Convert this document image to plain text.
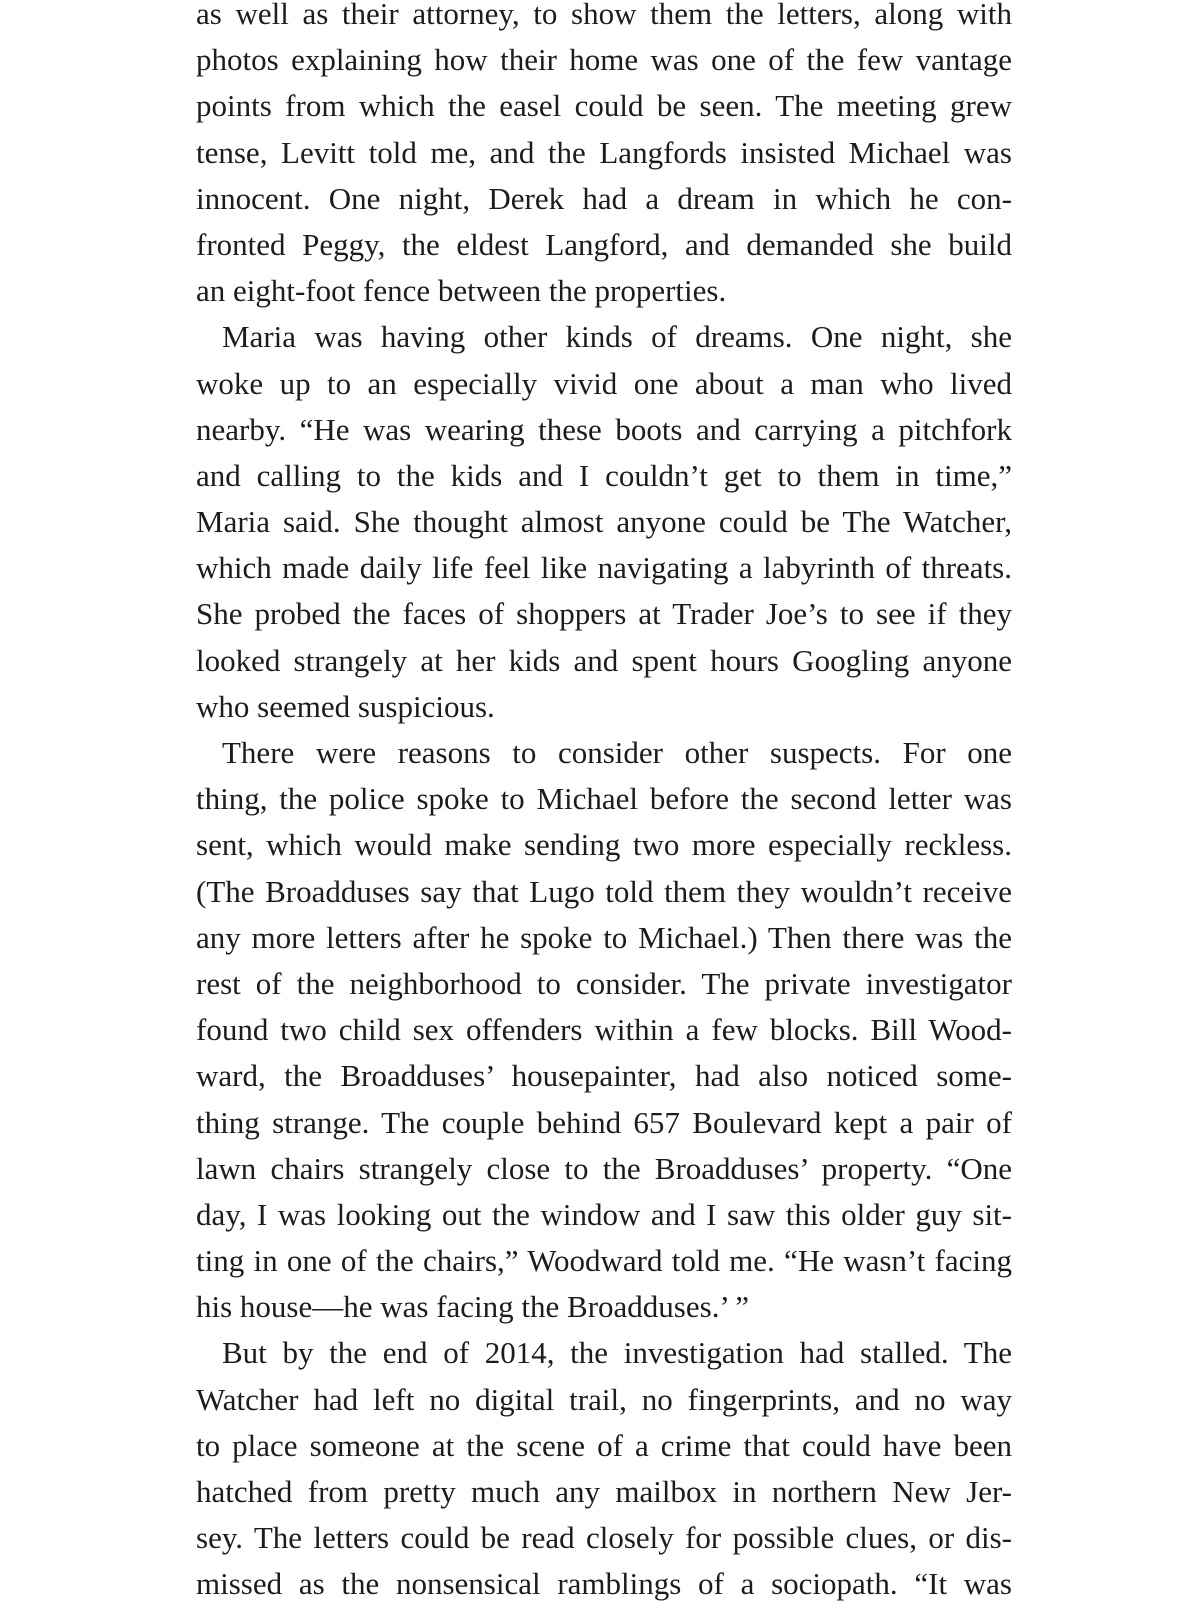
as well as their attorney, to show them the letters, along with
photos explaining how their home was one of the few vantage
points from which the easel could be seen. The meeting grew
tense, Levitt told me, and the Langfords insisted Michael was
innocent. One night, Derek had a dream in which he con-
fronted Peggy, the eldest Langford, and demanded she build
an eight-foot fence between the properties.
Maria was having other kinds of dreams. One night, she
woke up to an especially vivid one about a man who lived
nearby. “He was wearing these boots and carrying a pitchfork
and calling to the kids and I couldn’t get to them in time,”
Maria said. She thought almost anyone could be The Watcher,
which made daily life feel like navigating a labyrinth of threats.
She probed the faces of shoppers at Trader Joe’s to see if they
looked strangely at her kids and spent hours Googling anyone
who seemed suspicious.
There were reasons to consider other suspects. For one
thing, the police spoke to Michael before the second letter was
sent, which would make sending two more especially reckless.
(The Broadduses say that Lugo told them they wouldn’t receive
any more letters after he spoke to Michael.) Then there was the
rest of the neighborhood to consider. The private investigator
found two child sex offenders within a few blocks. Bill Wood-
ward, the Broadduses’ housepainter, had also noticed some-
thing strange. The couple behind 657 Boulevard kept a pair of
lawn chairs strangely close to the Broadduses’ property. “One
day, I was looking out the window and I saw this older guy sit-
ting in one of the chairs,” Woodward told me. “He wasn’t facing
his house—he was facing the Broadduses.’ ”
But by the end of 2014, the investigation had stalled. The
Watcher had left no digital trail, no fingerprints, and no way
to place someone at the scene of a crime that could have been
hatched from pretty much any mailbox in northern New Jer-
sey. The letters could be read closely for possible clues, or dis-
missed as the nonsensical ramblings of a sociopath. “It was
